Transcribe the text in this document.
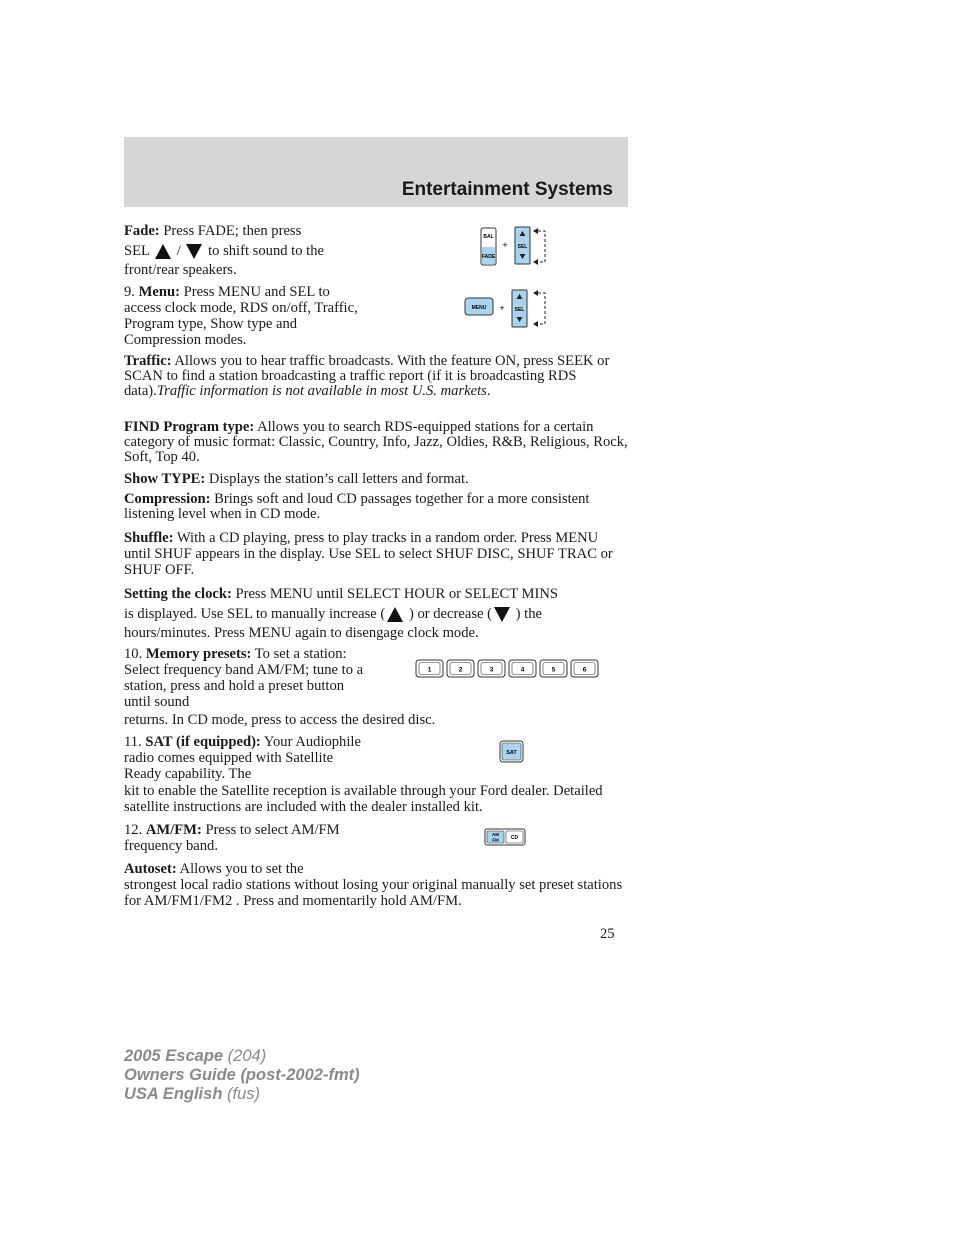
Entertainment Systems
Fade: Press FADE; then press
SEL  /  to shift sound to the
front/rear speakers.
BAL
FADE
+ SEL
9. Menu: Press MENU and SEL to access clock mode, RDS on/off, Traffic, Program type, Show type and Compression modes.
MENU + SEL
Traffic: Allows you to hear traffic broadcasts. With the feature ON, press SEEK or SCAN to find a station broadcasting a traffic report (if it is broadcasting RDS data).Traffic information is not available in most U.S. markets.
FIND Program type: Allows you to search RDS-equipped stations for a certain category of music format: Classic, Country, Info, Jazz, Oldies, R&B, Religious, Rock, Soft, Top 40.
Show TYPE: Displays the station’s call letters and format.
Compression: Brings soft and loud CD passages together for a more consistent listening level when in CD mode.
Shuffle: With a CD playing, press to play tracks in a random order. Press MENU until SHUF appears in the display. Use SEL to select SHUF DISC, SHUF TRAC or SHUF OFF.
Setting the clock: Press MENU until SELECT HOUR or SELECT MINS
is displayed. Use SEL to manually increase ( ) or decrease ( ) the
hours/minutes. Press MENU again to disengage clock mode.
10. Memory presets: To set a station: Select frequency band AM/FM; tune to a station, press and hold a preset button until sound
returns. In CD mode, press to access the desired disc.
1	2	3	4	5	6
11. SAT (if equipped): Your Audiophile radio comes equipped with Satellite Ready capability. The
kit to enable the Satellite reception is available through your Ford dealer. Detailed satellite instructions are included with the dealer installed kit.
SAT
12. AM/FM: Press to select AM/FM frequency band.
AM
FM CD
Autoset: Allows you to set the
strongest local radio stations without losing your original manually set preset stations for AM/FM1/FM2 . Press and momentarily hold AM/FM.
25
2005 Escape (204)
Owners Guide (post-2002-fmt)
USA English (fus)
